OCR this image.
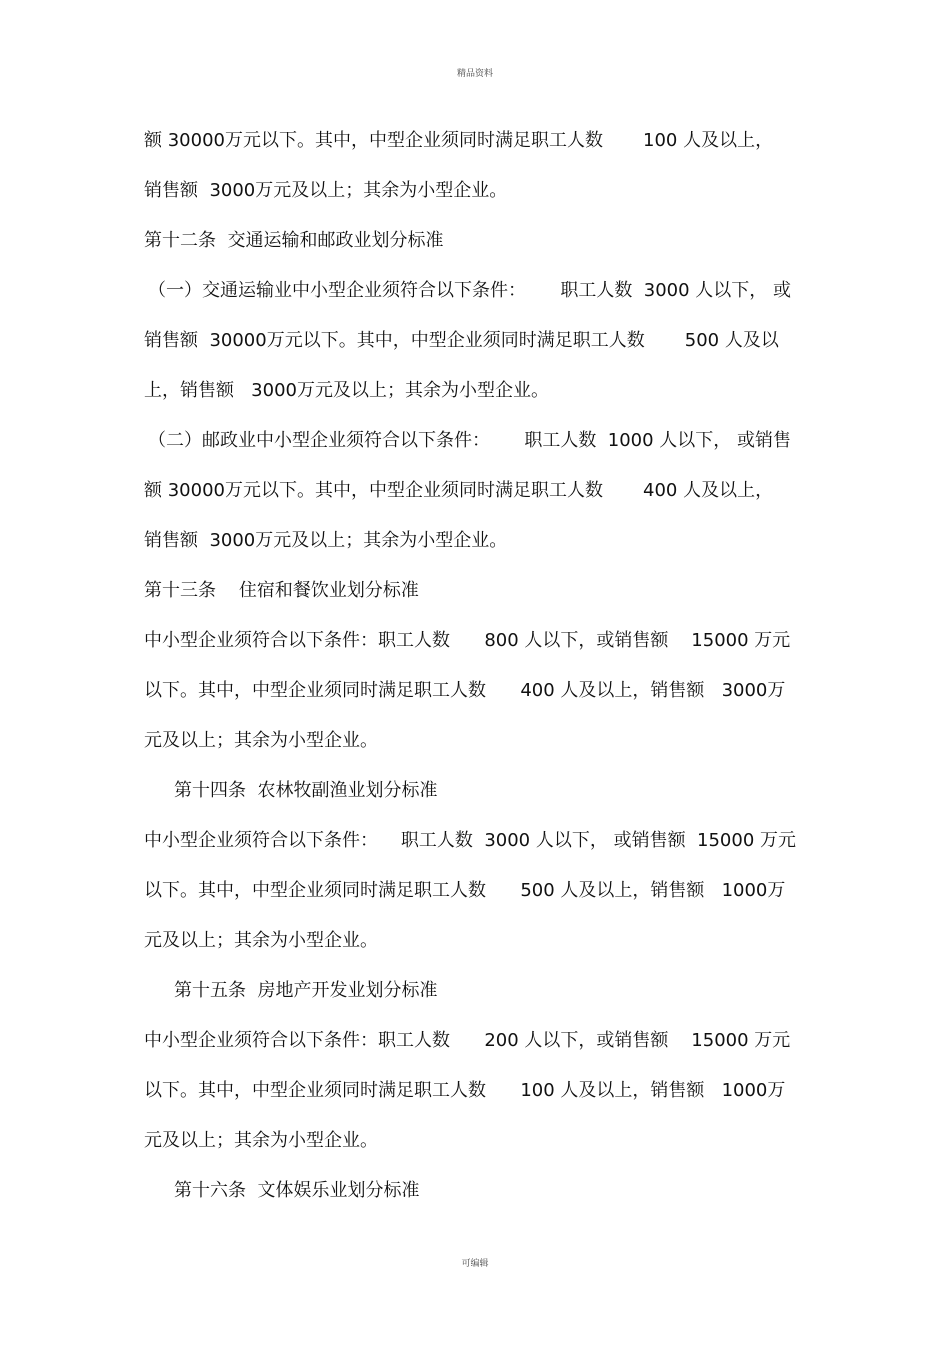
精品资料
额 30000万元以下。其中，中型企业须同时满足职工人数       100 人及以上，
销售额  3000万元及以上；其余为小型企业。
第十二条  交通运输和邮政业划分标准
（一）交通运输业中小型企业须符合以下条件：      职工人数  3000 人以下， 或
销售额  30000万元以下。其中，中型企业须同时满足职工人数       500 人及以
上，销售额   3000万元及以上；其余为小型企业。
（二）邮政业中小型企业须符合以下条件：      职工人数  1000 人以下， 或销售
额 30000万元以下。其中，中型企业须同时满足职工人数       400 人及以上，
销售额  3000万元及以上；其余为小型企业。
第十三条    住宿和餐饮业划分标准
中小型企业须符合以下条件：职工人数      800 人以下，或销售额    15000 万元
以下。其中，中型企业须同时满足职工人数      400 人及以上，销售额   3000万
元及以上；其余为小型企业。
第十四条  农林牧副渔业划分标准
中小型企业须符合以下条件：    职工人数  3000 人以下， 或销售额  15000 万元
以下。其中，中型企业须同时满足职工人数      500 人及以上，销售额   1000万
元及以上；其余为小型企业。
第十五条  房地产开发业划分标准
中小型企业须符合以下条件：职工人数      200 人以下，或销售额    15000 万元
以下。其中，中型企业须同时满足职工人数      100 人及以上，销售额   1000万
元及以上；其余为小型企业。
第十六条  文体娱乐业划分标准
可编辑
